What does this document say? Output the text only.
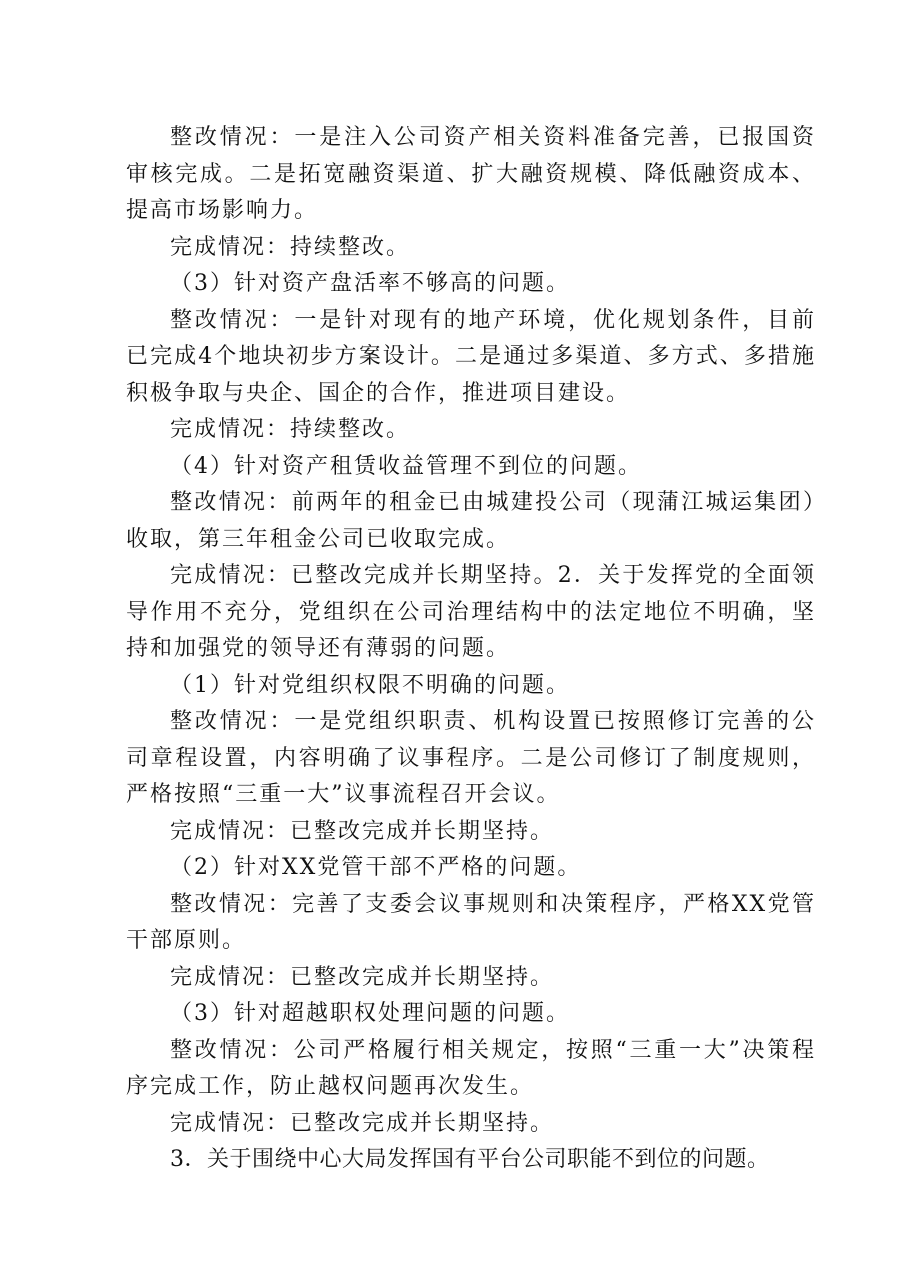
整改情况：一是注入公司资产相关资料准备完善，已报国资审核完成。二是拓宽融资渠道、扩大融资规模、降低融资成本、提高市场影响力。

完成情况：持续整改。

（3）针对资产盘活率不够高的问题。

整改情况：一是针对现有的地产环境，优化规划条件，目前已完成4个地块初步方案设计。二是通过多渠道、多方式、多措施积极争取与央企、国企的合作，推进项目建设。

完成情况：持续整改。

（4）针对资产租赁收益管理不到位的问题。

整改情况：前两年的租金已由城建投公司（现蒲江城运集团）收取，第三年租金公司已收取完成。

完成情况：已整改完成并长期坚持。2．关于发挥党的全面领导作用不充分，党组织在公司治理结构中的法定地位不明确，坚持和加强党的领导还有薄弱的问题。

（1）针对党组织权限不明确的问题。

整改情况：一是党组织职责、机构设置已按照修订完善的公司章程设置，内容明确了议事程序。二是公司修订了制度规则，严格按照“三重一大”议事流程召开会议。

完成情况：已整改完成并长期坚持。

（2）针对XX党管干部不严格的问题。

整改情况：完善了支委会议事规则和决策程序，严格XX党管干部原则。

完成情况：已整改完成并长期坚持。

（3）针对超越职权处理问题的问题。

整改情况：公司严格履行相关规定，按照“三重一大”决策程序完成工作，防止越权问题再次发生。

完成情况：已整改完成并长期坚持。

3．关于围绕中心大局发挥国有平台公司职能不到位的问题。
